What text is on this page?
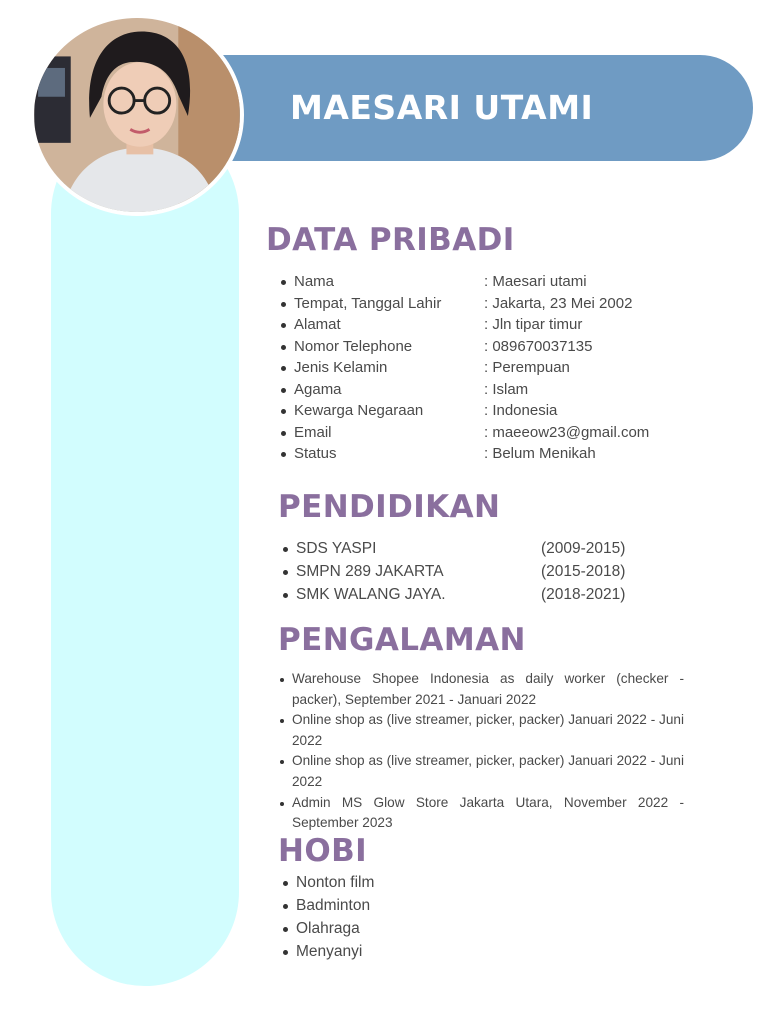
MAESARI UTAMI
DATA PRIBADI
Nama	: Maesari utami
Tempat, Tanggal Lahir	: Jakarta, 23 Mei 2002
Alamat	: Jln tipar timur
Nomor Telephone	: 089670037135
Jenis Kelamin	: Perempuan
Agama	: Islam
Kewarga Negaraan	: Indonesia
Email	: maeeow23@gmail.com
Status	: Belum Menikah
PENDIDIKAN
SDS YASPI	(2009-2015)
SMPN 289 JAKARTA	(2015-2018)
SMK WALANG JAYA.	(2018-2021)
PENGALAMAN
Warehouse Shopee Indonesia as daily worker (checker - packer), September 2021 - Januari 2022
Online shop as (live streamer, picker, packer) Januari 2022 - Juni 2022
Online shop as (live streamer, picker, packer) Januari 2022 - Juni 2022
Admin MS Glow Store Jakarta Utara, November 2022 - September 2023
HOBI
Nonton film
Badminton
Olahraga
Menyanyi
